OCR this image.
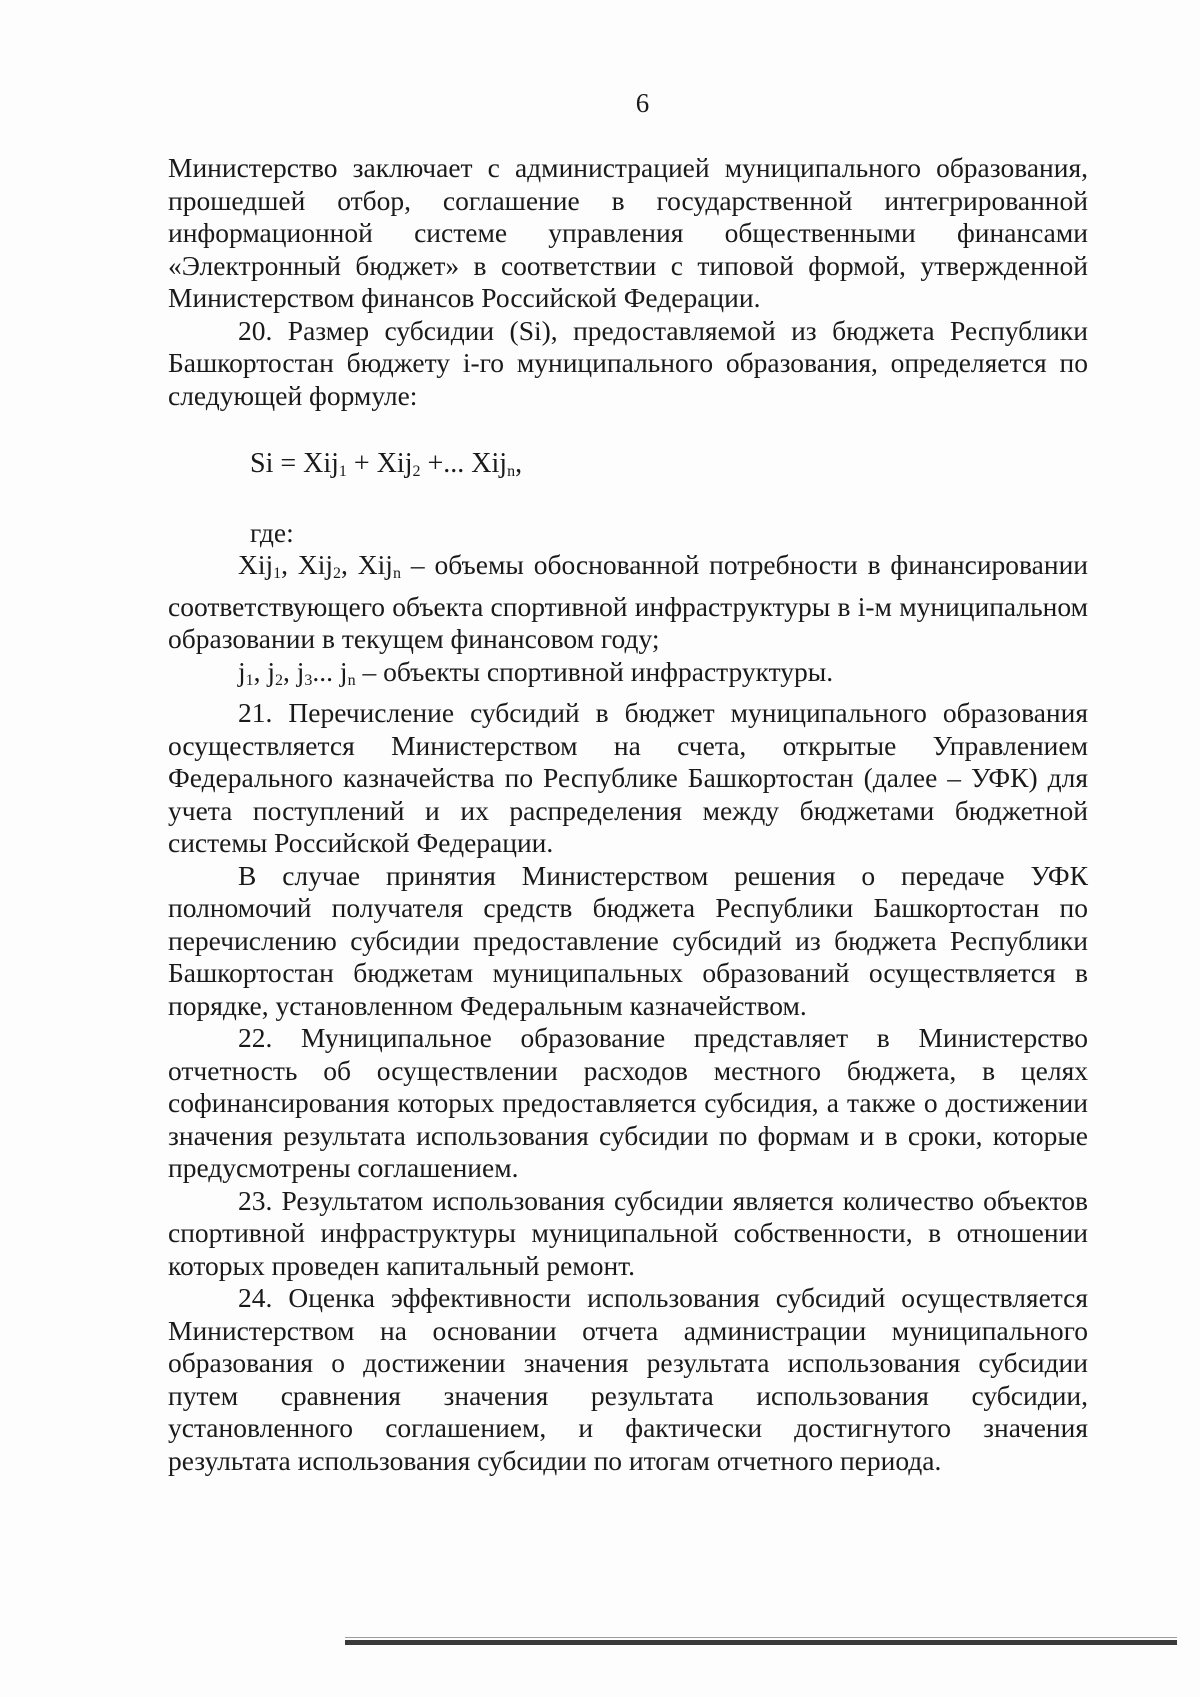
6

Министерство заключает с администрацией муниципального образования, прошедшей отбор, соглашение в государственной интегрированной информационной системе управления общественными финансами «Электронный бюджет» в соответствии с типовой формой, утвержденной Министерством финансов Российской Федерации.

20. Размер субсидии (Si), предоставляемой из бюджета Республики Башкортостан бюджету i-го муниципального образования, определяется по следующей формуле:

Si = Xij$_1$ + Xij$_2$ +... Xij$_n$,

где:

Xij$_1$, Xij$_2$, Xij$_n$ – объемы обоснованной потребности в финансировании соответствующего объекта спортивной инфраструктуры в i-м муниципальном образовании в текущем финансовом году;

$j_1$, $j_2$, $j_3$... $j_n$ – объекты спортивной инфраструктуры.

21. Перечисление субсидий в бюджет муниципального образования осуществляется Министерством на счета, открытые Управлением Федерального казначейства по Республике Башкортостан (далее – УФК) для учета поступлений и их распределения между бюджетами бюджетной системы Российской Федерации.

В случае принятия Министерством решения о передаче УФК полномочий получателя средств бюджета Республики Башкортостан по перечислению субсидии предоставление субсидий из бюджета Республики Башкортостан бюджетам муниципальных образований осуществляется в порядке, установленном Федеральным казначейством.

22. Муниципальное образование представляет в Министерство отчетность об осуществлении расходов местного бюджета, в целях софинансирования которых предоставляется субсидия, а также о достижении значения результата использования субсидии по формам и в сроки, которые предусмотрены соглашением.

23. Результатом использования субсидии является количество объектов спортивной инфраструктуры муниципальной собственности, в отношении которых проведен капитальный ремонт.

24. Оценка эффективности использования субсидий осуществляется Министерством на основании отчета администрации муниципального образования о достижении значения результата использования субсидии путем сравнения значения результата использования субсидии, установленного соглашением, и фактически достигнутого значения результата использования субсидии по итогам отчетного периода.
